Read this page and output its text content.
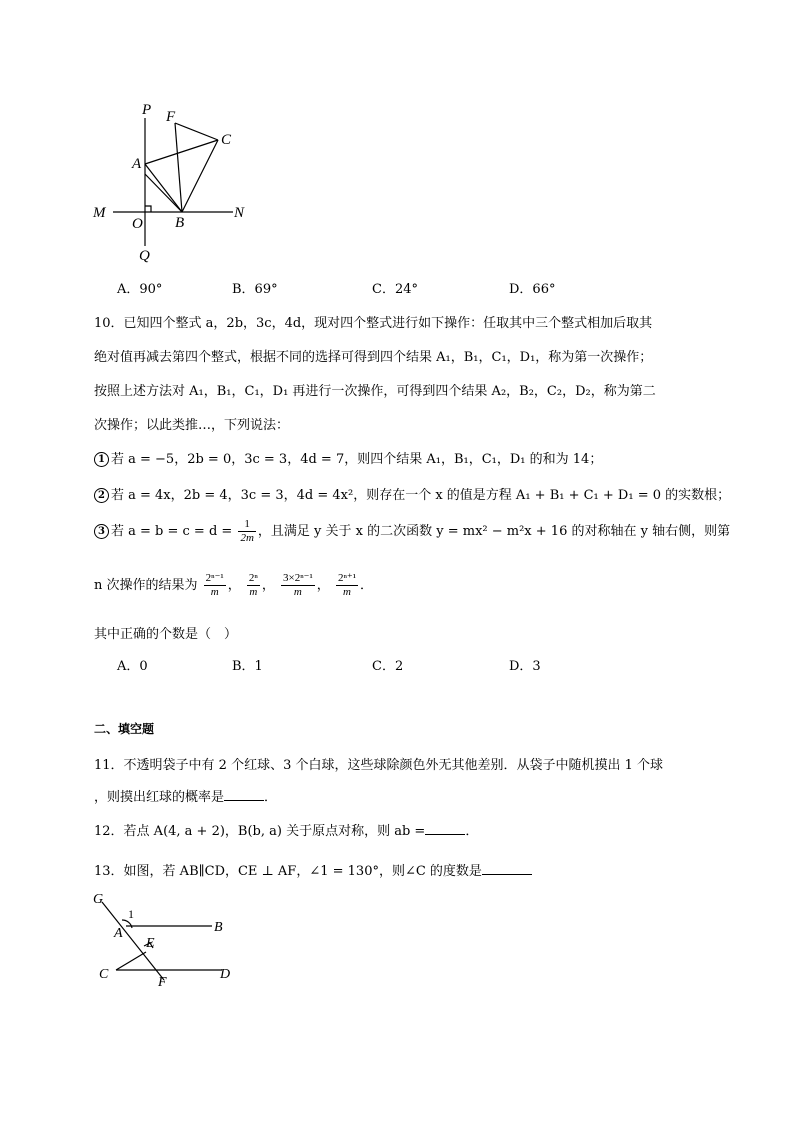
P F
C
A
M
O B
N
Q
A．90°	B．69°	C．24°	D．66°
10．已知四个整式 a，2b，3c，4d，现对四个整式进行如下操作：任取其中三个整式相加后取其
绝对值再减去第四个整式，根据不同的选择可得到四个结果 A₁，B₁，C₁，D₁，称为第一次操作；
按照上述方法对 A₁，B₁，C₁，D₁ 再进行一次操作，可得到四个结果 A₂，B₂，C₂，D₂，称为第二
次操作；以此类推…，下列说法：
1 若 a = −5，2b = 0，3c = 3，4d = 7，则四个结果 A₁，B₁，C₁，D₁ 的和为 14；
2 若 a = 4x，2b = 4，3c = 3，4d = 4x²，则存在一个 x 的值是方程 A₁ + B₁ + C₁ + D₁ = 0 的实数根；
3 若 $a = b = c = d = \frac{1}{2m}$ ，且满足 y 关于 x 的二次函数 y = mx² − m²x + 16 的对称轴在 y 轴右侧，则第
n 次操作的结果为 $\frac{\text{2ⁿ⁻¹}}{m}$ ， $\frac{\text{2ⁿ}}{m}$ ， $\frac{\text{3×2ⁿ⁻¹}}{m}$ ， $\frac{\text{2ⁿ⁺¹}}{m}$ ．
其中正确的个数是（　）
A．0	B．1	C．2	D．3
二、填空题
11．不透明袋子中有 2 个红球、3 个白球，这些球除颜色外无其他差别．从袋子中随机摸出 1 个球
，则摸出红球的概率是	．
12．若点 A(4, a + 2)，B(b, a) 关于原点对称，则 ab =	．
13．如图，若 AB∥CD，CE ⊥ AF，∠1 = 130°，则∠C 的度数是
G
1
B
A
E
C	D
F
